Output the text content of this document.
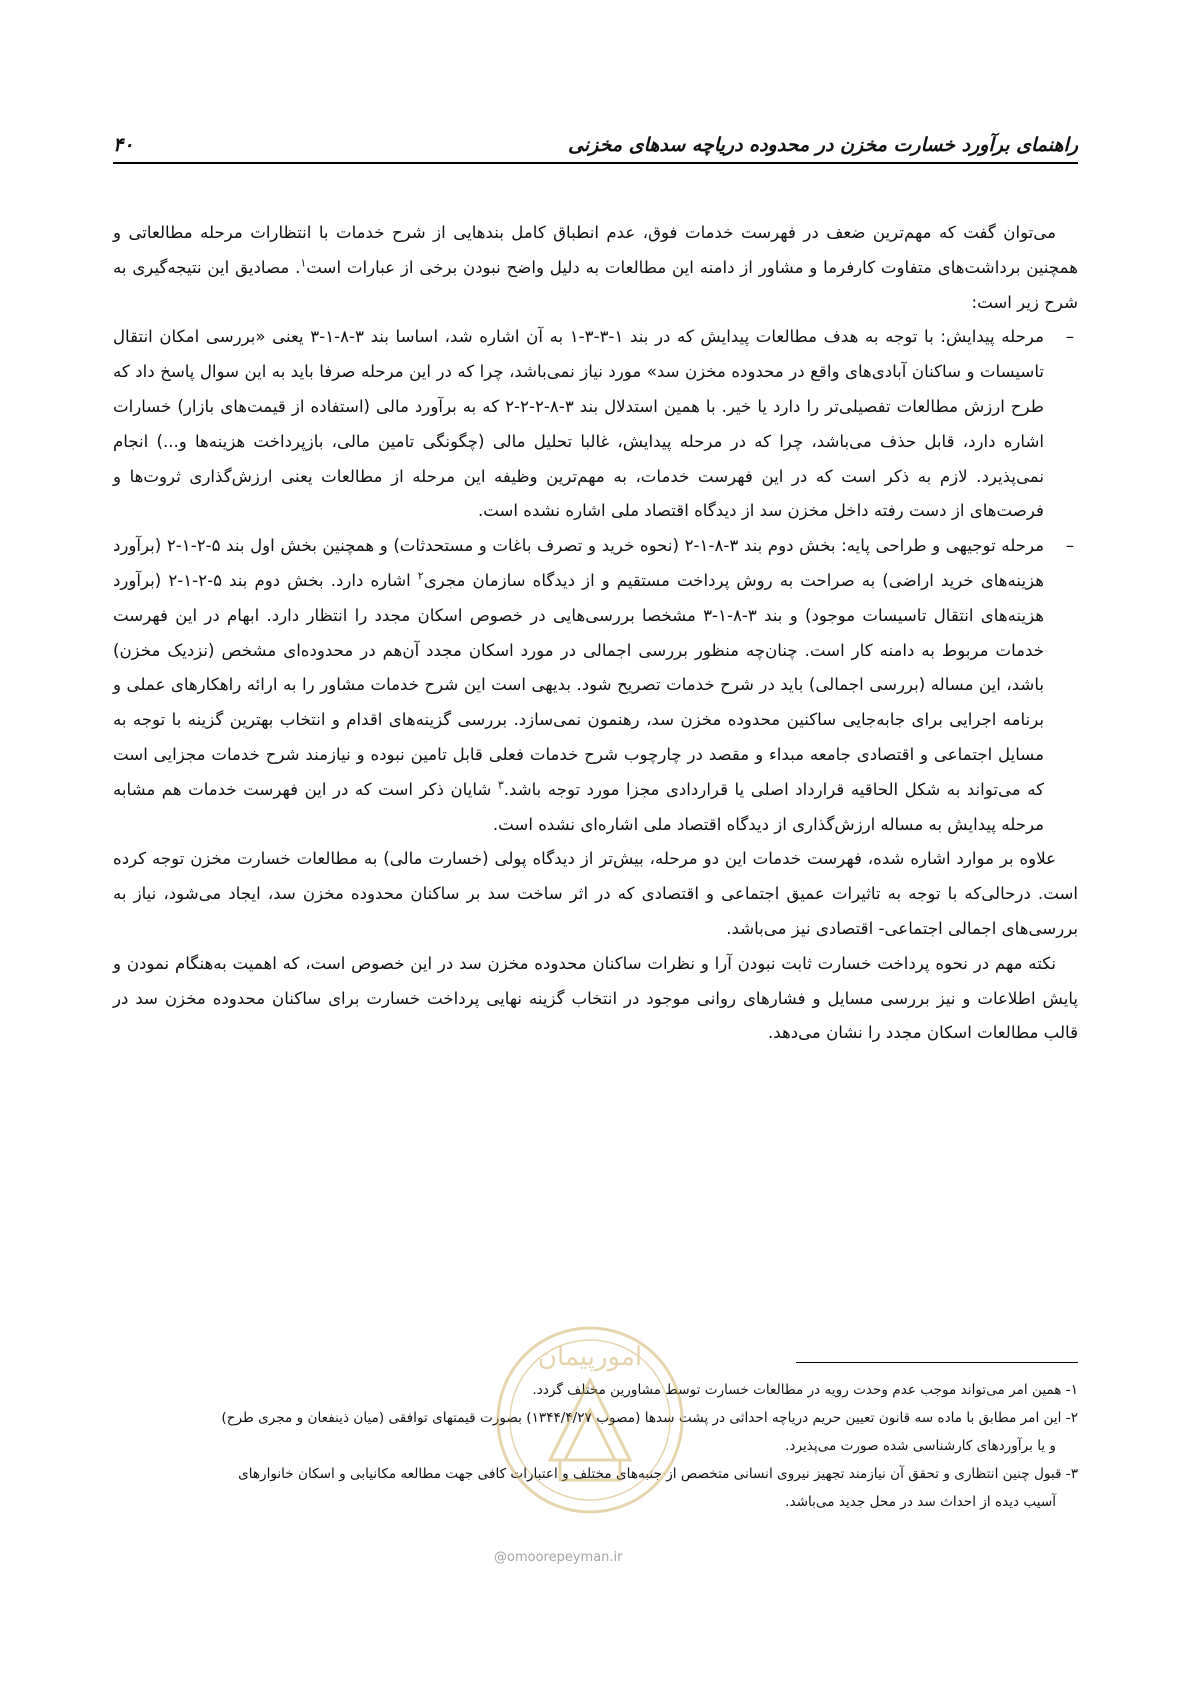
راهنمای برآورد خسارت مخزن در محدوده دریاچه سدهای مخزنی
۴۰

می‌توان گفت که مهم‌ترین ضعف در فهرست خدمات فوق، عدم انطباق کامل بندهایی از شرح خدمات با انتظارات مرحله مطالعاتی و همچنین برداشت‌های متفاوت کارفرما و مشاور از دامنه این مطالعات به دلیل واضح نبودن برخی از عبارات است$^۱$. مصادیق این نتیجه‌گیری به شرح زیر است:

–
مرحله پیدایش: با توجه به هدف مطالعات پیدایش که در بند ۱-۳-۳-۱ به آن اشاره شد، اساسا بند ۳-۸-۱-۳ یعنی «بررسی امکان انتقال تاسیسات و ساکنان آبادی‌های واقع در محدوده مخزن سد» مورد نیاز نمی‌باشد، چرا که در این مرحله صرفا باید به این سوال پاسخ داد که طرح ارزش مطالعات تفصیلی‌تر را دارد یا خیر. با همین استدلال بند ۳-۸-۲-۲-۲ که به برآورد مالی (استفاده از قیمت‌های بازار) خسارات اشاره دارد، قابل حذف می‌باشد، چرا که در مرحله پیدایش، غالبا تحلیل مالی (چگونگی تامین مالی، بازپرداخت هزینه‌ها و...) انجام نمی‌پذیرد. لازم به ذکر است که در این فهرست خدمات، به مهم‌ترین وظیفه این مرحله از مطالعات یعنی ارزش‌گذاری ثروت‌ها و فرصت‌های از دست رفته داخل مخزن سد از دیدگاه اقتصاد ملی اشاره نشده است.
–
مرحله توجیهی و طراحی پایه: بخش دوم بند ۳-۸-۱-۲ (نحوه خرید و تصرف باغات و مستحدثات) و همچنین بخش اول بند ۵-۲-۱-۲ (برآورد هزینه‌های خرید اراضی) به صراحت به روش پرداخت مستقیم و از دیدگاه سازمان مجری$^۲$ اشاره دارد. بخش دوم بند ۵-۲-۱-۲ (برآورد هزینه‌های انتقال تاسیسات موجود) و بند ۳-۸-۱-۳ مشخصا بررسی‌هایی در خصوص اسکان مجدد را انتظار دارد. ابهام در این فهرست خدمات مربوط به دامنه کار است. چنان‌چه منظور بررسی اجمالی در مورد اسکان مجدد آن‌هم در محدوده‌ای مشخص (نزدیک مخزن) باشد، این مساله (بررسی اجمالی) باید در شرح خدمات تصریح شود. بدیهی است این شرح خدمات مشاور را به ارائه راهکارهای عملی و برنامه اجرایی برای جابه‌جایی ساکنین محدوده مخزن سد، رهنمون نمی‌سازد. بررسی گزینه‌های اقدام و انتخاب بهترین گزینه با توجه به مسایل اجتماعی و اقتصادی جامعه مبداء و مقصد در چارچوب شرح خدمات فعلی قابل تامین نبوده و نیازمند شرح خدمات مجزایی است که می‌تواند به شکل الحاقیه قرارداد اصلی یا قراردادی مجزا مورد توجه باشد.$^۳$ شایان ذکر است که در این فهرست خدمات هم مشابه مرحله پیدایش به مساله ارزش‌گذاری از دیدگاه اقتصاد ملی اشاره‌ای نشده است.

علاوه بر موارد اشاره شده، فهرست خدمات این دو مرحله، بیش‌تر از دیدگاه پولی (خسارت مالی) به مطالعات خسارت مخزن توجه کرده است. درحالی‌که با توجه به تاثیرات عمیق اجتماعی و اقتصادی که در اثر ساخت سد بر ساکنان محدوده مخزن سد، ایجاد می‌شود، نیاز به بررسی‌های اجمالی اجتماعی- اقتصادی نیز می‌باشد.

نکته مهم در نحوه پرداخت خسارت ثابت نبودن آرا و نظرات ساکنان محدوده مخزن سد در این خصوص است، که اهمیت به‌هنگام نمودن و پایش اطلاعات و نیز بررسی مسایل و فشارهای روانی موجود در انتخاب گزینه نهایی پرداخت خسارت برای ساکنان محدوده مخزن سد در قالب مطالعات اسکان مجدد را نشان می‌دهد.

۱- همین امر می‌تواند موجب عدم وحدت رویه در مطالعات خسارت توسط مشاورین مختلف گردد.

۲- این امر مطابق با ماده سه قانون تعیین حریم دریاچه احداثی در پشت سدها (مصوب ۱۳۴۴/۴/۲۷) بصورت قیمتهای توافقی (میان ذینفعان و مجری طرح)

و یا برآوردهای کارشناسی شده صورت می‌پذیرد.

۳- قبول چنین انتظاری و تحقق آن نیازمند تجهیز نیروی انسانی متخصص از جنبه‌های مختلف و اعتبارات کافی جهت مطالعه مکانیابی و اسکان خانوارهای

آسیب دیده از احداث سد در محل جدید می‌باشد.

امورپیمان
@omoorepeyman.ir
